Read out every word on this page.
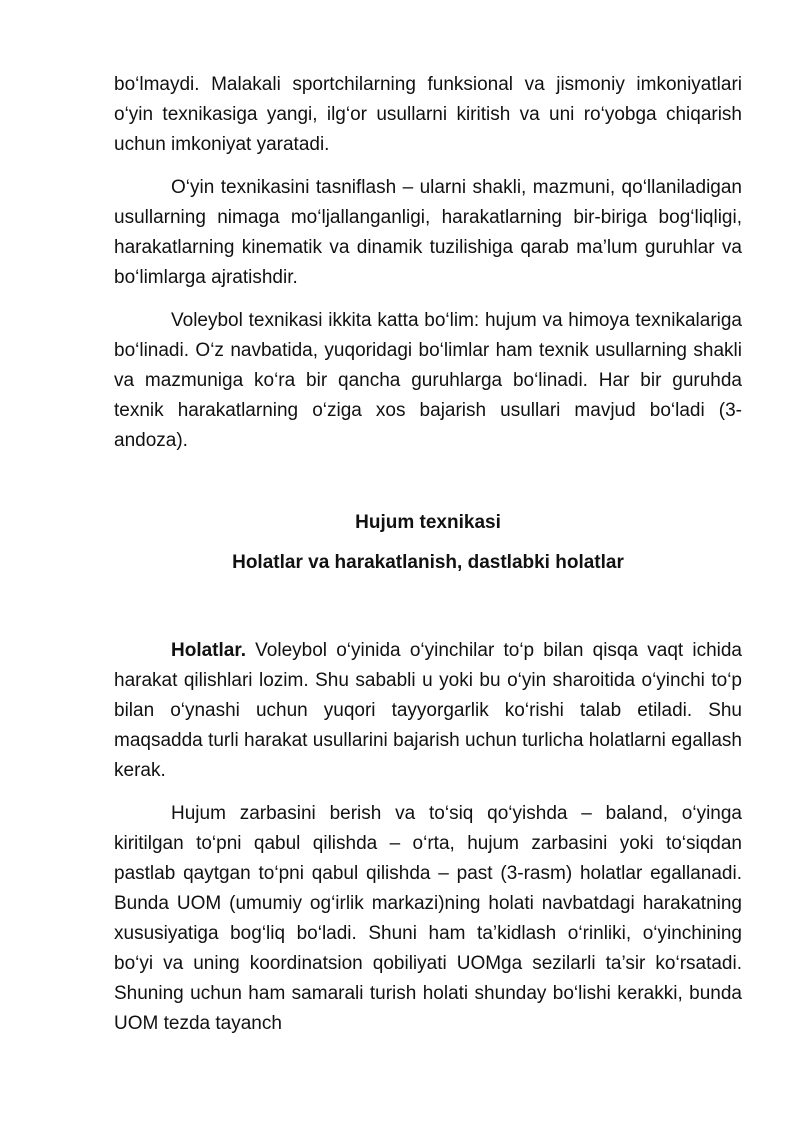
bo‘lmaydi. Malakali sportchilarning funksional va jismoniy imkoniyatlari o‘yin texnikasiga yangi, ilg‘or usullarni kiritish va uni ro‘yobga chiqarish uchun imkoniyat yaratadi.

O‘yin texnikasini tasniflash – ularni shakli, mazmuni, qo‘llaniladigan usullarning nimaga mo‘ljallanganligi, harakatlarning bir-biriga bog‘liqligi, harakatlarning kinematik va dinamik tuzilishiga qarab ma’lum guruhlar va bo‘limlarga ajratishdir.

Voleybol texnikasi ikkita katta bo‘lim: hujum va himoya texnikalariga bo‘linadi. O‘z navbatida, yuqoridagi bo‘limlar ham texnik usullarning shakli va mazmuniga ko‘ra bir qancha guruhlarga bo‘linadi. Har bir guruhda texnik harakatlarning o‘ziga xos bajarish usullari mavjud bo‘ladi (3-andoza).

Hujum texnikasi
Holatlar va harakatlanish, dastlabki holatlar

Holatlar. Voleybol o‘yinida o‘yinchilar to‘p bilan qisqa vaqt ichida harakat qilishlari lozim. Shu sababli u yoki bu o‘yin sharoitida o‘yinchi to‘p bilan o‘ynashi uchun yuqori tayyorgarlik ko‘rishi talab etiladi. Shu maqsadda turli harakat usullarini bajarish uchun turlicha holatlarni egallash kerak.

Hujum zarbasini berish va to‘siq qo‘yishda – baland, o‘yinga kiritilgan to‘pni qabul qilishda – o‘rta, hujum zarbasini yoki to‘siqdan pastlab qaytgan to‘pni qabul qilishda – past (3-rasm) holatlar egallanadi. Bunda UOM (umumiy og‘irlik markazi)ning holati navbatdagi harakatning xususiyatiga bog‘liq bo‘ladi. Shuni ham ta’kidlash o‘rinliki, o‘yinchining bo‘yi va uning koordinatsion qobiliyati UOMga sezilarli ta’sir ko‘rsatadi. Shuning uchun ham samarali turish holati shunday bo‘lishi kerakki, bunda UOM tezda tayanch
